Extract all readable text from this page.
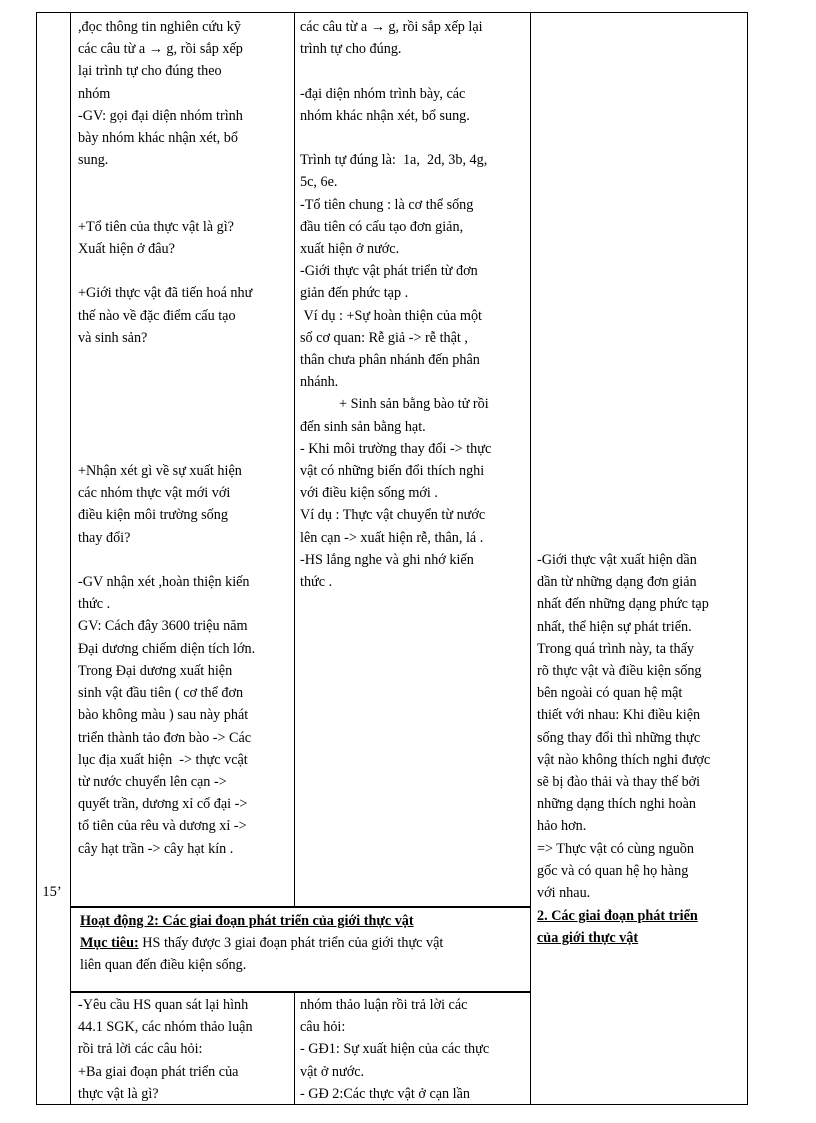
15’

,đọc thông tin nghiên cứu kỹ

các câu từ a → g, rồi sắp xếp

lại trình tự cho đúng theo

nhóm

-GV: gọi đại diện nhóm trình

bày nhóm khác nhận xét, bổ

sung.

+Tổ tiên của thực vật là gì?

Xuất hiện ở đâu?

+Giới thực vật đã tiến hoá như

thế nào về đặc điểm cấu tạo

và sinh sản?

+Nhận xét gì về sự xuất hiện

các nhóm thực vật mới với

điều kiện môi trường sống

thay đổi?

-GV nhận xét ,hoàn thiện kiến

thức .

GV: Cách đây 3600 triệu năm

Đại dương chiếm diện tích lớn.

Trong Đại dương xuất hiện

sinh vật đầu tiên ( cơ thể đơn

bào không màu ) sau này phát

triển thành tảo đơn bào -> Các

lục địa xuất hiện  -> thực vcật

từ nước chuyển lên cạn ->

quyết trần, dương xỉ cổ đại ->

tổ tiên của rêu và dương xỉ ->

cây hạt trần -> cây hạt kín .

các câu từ a → g, rồi sắp xếp lại

trình tự cho đúng.

-đại diện nhóm trình bày, các

nhóm khác nhận xét, bổ sung.

Trình tự đúng là:  1a,  2d, 3b, 4g,

5c, 6e.

-Tổ tiên chung : là cơ thể sống

đầu tiên có cấu tạo đơn giản,

xuất hiện ở nước.

-Giới thực vật phát triển từ đơn

giản đến phức tạp .

Ví dụ : +Sự hoàn thiện của một

số cơ quan: Rễ giả -> rễ thật ,

thân chưa phân nhánh đến phân

nhánh.

+ Sinh sản bằng bào tử rồi

đến sinh sản bằng hạt.

- Khi môi trường thay đổi -> thực

vật có những biến đổi thích nghi

với điều kiện sống mới .

Ví dụ : Thực vật chuyển từ nước

lên cạn -> xuất hiện rễ, thân, lá .

-HS lắng nghe và ghi nhớ kiến

thức .

-Giới thực vật xuất hiện dần

dần từ những dạng đơn giản

nhất đến những dạng phức tạp

nhất, thể hiện sự phát triển.

Trong quá trình này, ta thấy

rõ thực vật và điều kiện sống

bên ngoài có quan hệ mật

thiết với nhau: Khi điều kiện

sống thay đổi thì những thực

vật nào không thích nghi được

sẽ bị đào thải và thay thế bởi

những dạng thích nghi hoàn

hảo hơn.

=> Thực vật có cùng nguồn

gốc và có quan hệ họ hàng

với nhau.

2. Các giai đoạn phát triển

của giới thực vật

Hoạt động 2: Các giai đoạn phát triển của giới thực vật

Mục tiêu: HS thấy được 3 giai đoạn phát triển của giới thực vật

liên quan đến điều kiện sống.

-Yêu cầu HS quan sát lại hình

44.1 SGK, các nhóm thảo luận

rồi trả lời các câu hỏi:

+Ba giai đoạn phát triển của

thực vật là gì?

nhóm thảo luận rồi trả lời các

câu hỏi:

- GĐ1: Sự xuất hiện của các thực

vật ở nước.

- GĐ 2:Các thực vật ở cạn lần
